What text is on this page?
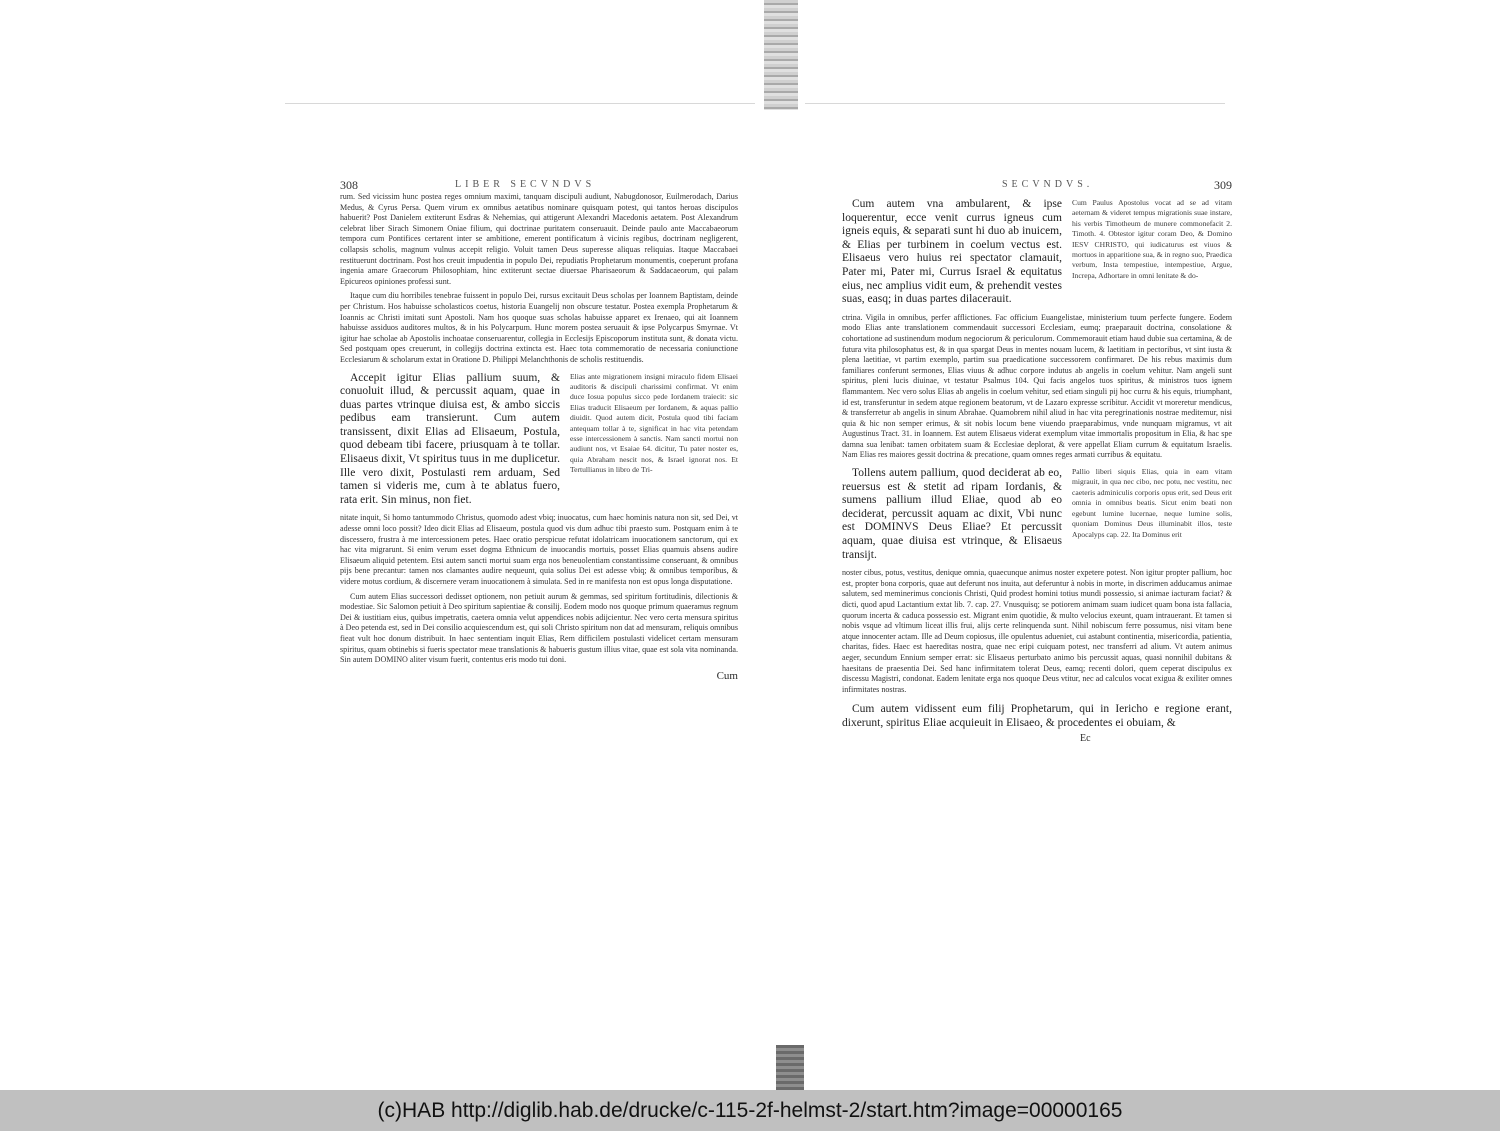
308	LIBER SECVNDVS

rum. Sed vicissim hunc postea reges omnium maximi, tanquam discipuli audiunt, Nabugdonosor, Euilmerodach, Darius Medus, & Cyrus Persa. Quem virum ex omnibus aetatibus nominare quisquam potest, qui tantos heroas discipulos habuerit? Post Danielem extiterunt Esdras & Nehemias, qui attigerunt Alexandri Macedonis aetatem. Post Alexandrum celebrat liber Sirach Simonem Oniae filium, qui doctrinae puritatem conseruauit. Deinde paulo ante Maccabaeorum tempora cum Pontifices certarent inter se ambitione, emerent pontificatum à vicinis regibus, doctrinam negligerent, collapsis scholis, magnum vulnus accepit religio. Voluit tamen Deus superesse aliquas reliquias. Itaque Maccabaei restituerunt doctrinam. Post hos creuit impudentia in populo Dei, repudiatis Prophetarum monumentis, coeperunt profana ingenia amare Graecorum Philosophiam, hinc extiterunt sectae diuersae Pharisaeorum & Saddacaeorum, qui palam Epicureos opiniones professi sunt.

Itaque cum diu horribiles tenebrae fuissent in populo Dei, rursus excitauit Deus scholas per Ioannem Baptistam, deinde per Christum. Hos habuisse scholasticos coetus, historia Euangelij non obscure testatur. Postea exempla Prophetarum & Ioannis ac Christi imitati sunt Apostoli. Nam hos quoque suas scholas habuisse apparet ex Irenaeo, qui ait Ioannem habuisse assiduos auditores multos, & in his Polycarpum. Hunc morem postea seruauit & ipse Polycarpus Smyrnae. Vt igitur hae scholae ab Apostolis inchoatae conseruarentur, collegia in Ecclesijs Episcoporum instituta sunt, & donata victu. Sed postquam opes creuerunt, in collegijs doctrina extincta est. Haec tota commemoratio de necessaria coniunctione Ecclesiarum & scholarum extat in Oratione D. Philippi Melanchthonis de scholis restituendis.

Accepit igitur Elias pallium suum, & conuoluit illud, & percussit aquam, quae in duas partes vtrinque diuisa est, & ambo siccis pedibus eam transierunt. Cum autem transissent, dixit Elias ad Elisaeum, Postula, quod debeam tibi facere, priusquam à te tollar. Elisaeus dixit, Vt spiritus tuus in me duplicetur. Ille vero dixit, Postulasti rem arduam, Sed tamen si videris me, cum à te ablatus fuero, rata erit. Sin minus, non fiet.
Elias ante migrationem insigni miraculo fidem Elisaei auditoris & discipuli charissimi confirmat. Vt enim duce Iosua populus sicco pede Iordanem traiecit: sic Elias traducit Elisaeum per Iordanem, & aquas pallio diuidit. Quod autem dicit, Postula quod tibi faciam antequam tollar à te, significat in hac vita petendam esse intercessionem à sanctis. Nam sancti mortui non audiunt nos, vt Esaiae 64. dicitur, Tu pater noster es, quia Abraham nescit nos, & Israel ignorat nos. Et Tertullianus in libro de Tri-

nitate inquit, Si homo tantummodo Christus, quomodo adest vbiq; inuocatus, cum haec hominis natura non sit, sed Dei, vt adesse omni loco possit? Ideo dicit Elias ad Elisaeum, postula quod vis dum adhuc tibi praesto sum. Postquam enim à te discessero, frustra à me intercessionem petes. Haec oratio perspicue refutat idolatricam inuocationem sanctorum, qui ex hac vita migrarunt. Si enim verum esset dogma Ethnicum de inuocandis mortuis, posset Elias quamuis absens audire Elisaeum aliquid petentem. Etsi autem sancti mortui suam erga nos beneuolentiam constantissime conseruant, & omnibus pijs bene precantur: tamen nos clamantes audire nequeunt, quia solius Dei est adesse vbiq; & omnibus temporibus, & videre motus cordium, & discernere veram inuocationem à simulata. Sed in re manifesta non est opus longa disputatione.

Cum autem Elias successori dedisset optionem, non petiuit aurum & gemmas, sed spiritum fortitudinis, dilectionis & modestiae. Sic Salomon petiuit à Deo spiritum sapientiae & consilij. Eodem modo nos quoque primum quaeramus regnum Dei & iustitiam eius, quibus impetratis, caetera omnia velut appendices nobis adijcientur. Nec vero certa mensura spiritus à Deo petenda est, sed in Dei consilio acquiescendum est, qui soli Christo spiritum non dat ad mensuram, reliquis omnibus fieat vult hoc donum distribuit. In haec sententiam inquit Elias, Rem difficilem postulasti videlicet certam mensuram spiritus, quam obtinebis si fueris spectator meae translationis & habueris gustum illius vitae, quae est sola vita nominanda. Sin autem DOMINO aliter visum fuerit, contentus eris modo tui doni.

Cum
SECVNDVS.	309
Cum autem vna ambularent, & ipse loquerentur, ecce venit currus igneus cum igneis equis, & separati sunt hi duo ab inuicem, & Elias per turbinem in coelum vectus est. Elisaeus vero huius rei spectator clamauit, Pater mi, Pater mi, Currus Israel & equitatus eius, nec amplius vidit eum, & prehendit vestes suas, easq; in duas partes dilacerauit.
Cum Paulus Apostolus vocat ad se ad vitam aeternam & videret tempus migrationis suae instare, his verbis Timotheum de munere commonefacit 2. Timoth. 4. Obtestor igitur coram Deo, & Domino IESV CHRISTO, qui iudicaturus est viuos & mortuos in apparitione sua, & in regno suo, Praedica verbum, Insta tempestiue, intempestiue, Argue, Increpa, Adhortare in omni lenitate & do-

ctrina. Vigila in omnibus, perfer afflictiones. Fac officium Euangelistae, ministerium tuum perfecte fungere. Eodem modo Elias ante translationem commendauit successori Ecclesiam, eumq; praeparauit doctrina, consolatione & cohortatione ad sustinendum modum negociorum & periculorum. Commemorauit etiam haud dubie sua certamina, & de futura vita philosophatus est, & in qua spargat Deus in mentes nouam lucem, & laetitiam in pectoribus, vt sint iusta & plena laetitiae, vt partim exemplo, partim sua praedicatione successorem confirmaret. De his rebus maximis dum familiares conferunt sermones, Elias viuus & adhuc corpore indutus ab angelis in coelum vehitur. Nam angeli sunt spiritus, pleni lucis diuinae, vt testatur Psalmus 104. Qui facis angelos tuos spiritus, & ministros tuos ignem flammantem. Nec vero solus Elias ab angelis in coelum vehitur, sed etiam singuli pij hoc curru & his equis, triumphant, id est, transferuntur in sedem atque regionem beatorum, vt de Lazaro expresse scribitur. Accidit vt moreretur mendicus, & transferretur ab angelis in sinum Abrahae. Quamobrem nihil aliud in hac vita peregrinationis nostrae meditemur, nisi quia & hic non semper erimus, & sit nobis locum bene viuendo praeparabimus, vnde nunquam migramus, vt ait Augustinus Tract. 31. in Ioannem. Est autem Elisaeus viderat exemplum vitae immortalis propositum in Elia, & hac spe damna sua lenibat: tamen orbitatem suam & Ecclesiae deplorat, & vere appellat Eliam currum & equitatum Israelis. Nam Elias res maiores gessit doctrina & precatione, quam omnes reges armati curribus & equitatu.

Tollens autem pallium, quod deciderat ab eo, reuersus est & stetit ad ripam Iordanis, & sumens pallium illud Eliae, quod ab eo deciderat, percussit aquam ac dixit, Vbi nunc est DOMINVS Deus Eliae? Et percussit aquam, quae diuisa est vtrinque, & Elisaeus transijt.
Pallio liberi siquis Elias, quia in eam vitam migrauit, in qua nec cibo, nec potu, nec vestitu, nec caeteris adminiculis corporis opus erit, sed Deus erit omnia in omnibus beatis. Sicut enim beati non egebunt lumine lucernae, neque lumine solis, quoniam Dominus Deus illuminabit illos, teste Apocalyps cap. 22. Ita Dominus erit

noster cibus, potus, vestitus, denique omnia, quaecunque animus noster expetere potest. Non igitur propter pallium, hoc est, propter bona corporis, quae aut deferunt nos inuita, aut deferuntur à nobis in morte, in discrimen adducamus animae salutem, sed meminerimus concionis Christi, Quid prodest homini totius mundi possessio, si animae iacturam faciat? & dicti, quod apud Lactantium extat lib. 7. cap. 27. Vnusquisq; se potiorem animam suam iudicet quam bona ista fallacia, quorum incerta & caduca possessio est. Migrant enim quotidie, & multo velocius exeunt, quam intrauerant. Et tamen si nobis vsque ad vltimum liceat illis frui, alijs certe relinquenda sunt. Nihil nobiscum ferre possumus, nisi vitam bene atque innocenter actam. Ille ad Deum copiosus, ille opulentus adueniet, cui astabunt continentia, misericordia, patientia, charitas, fides. Haec est haereditas nostra, quae nec eripi cuiquam potest, nec transferri ad alium. Vt autem animus aeger, secundum Ennium semper errat: sic Elisaeus perturbato animo bis percussit aquas, quasi nonnihil dubitans & haesitans de praesentia Dei. Sed hanc infirmitatem tolerat Deus, eamq; recenti dolori, quem ceperat discipulus ex discessu Magistri, condonat. Eadem lenitate erga nos quoque Deus vtitur, nec ad calculos vocat exigua & exiliter omnes infirmitates nostras.

Cum autem vidissent eum filij Prophetarum, qui in Iericho e regione erant, dixerunt, spiritus Eliae acquieuit in Elisaeo, & procedentes ei obuiam, &
Ec
(c)HAB http://diglib.hab.de/drucke/c-115-2f-helmst-2/start.htm?image=00000165
